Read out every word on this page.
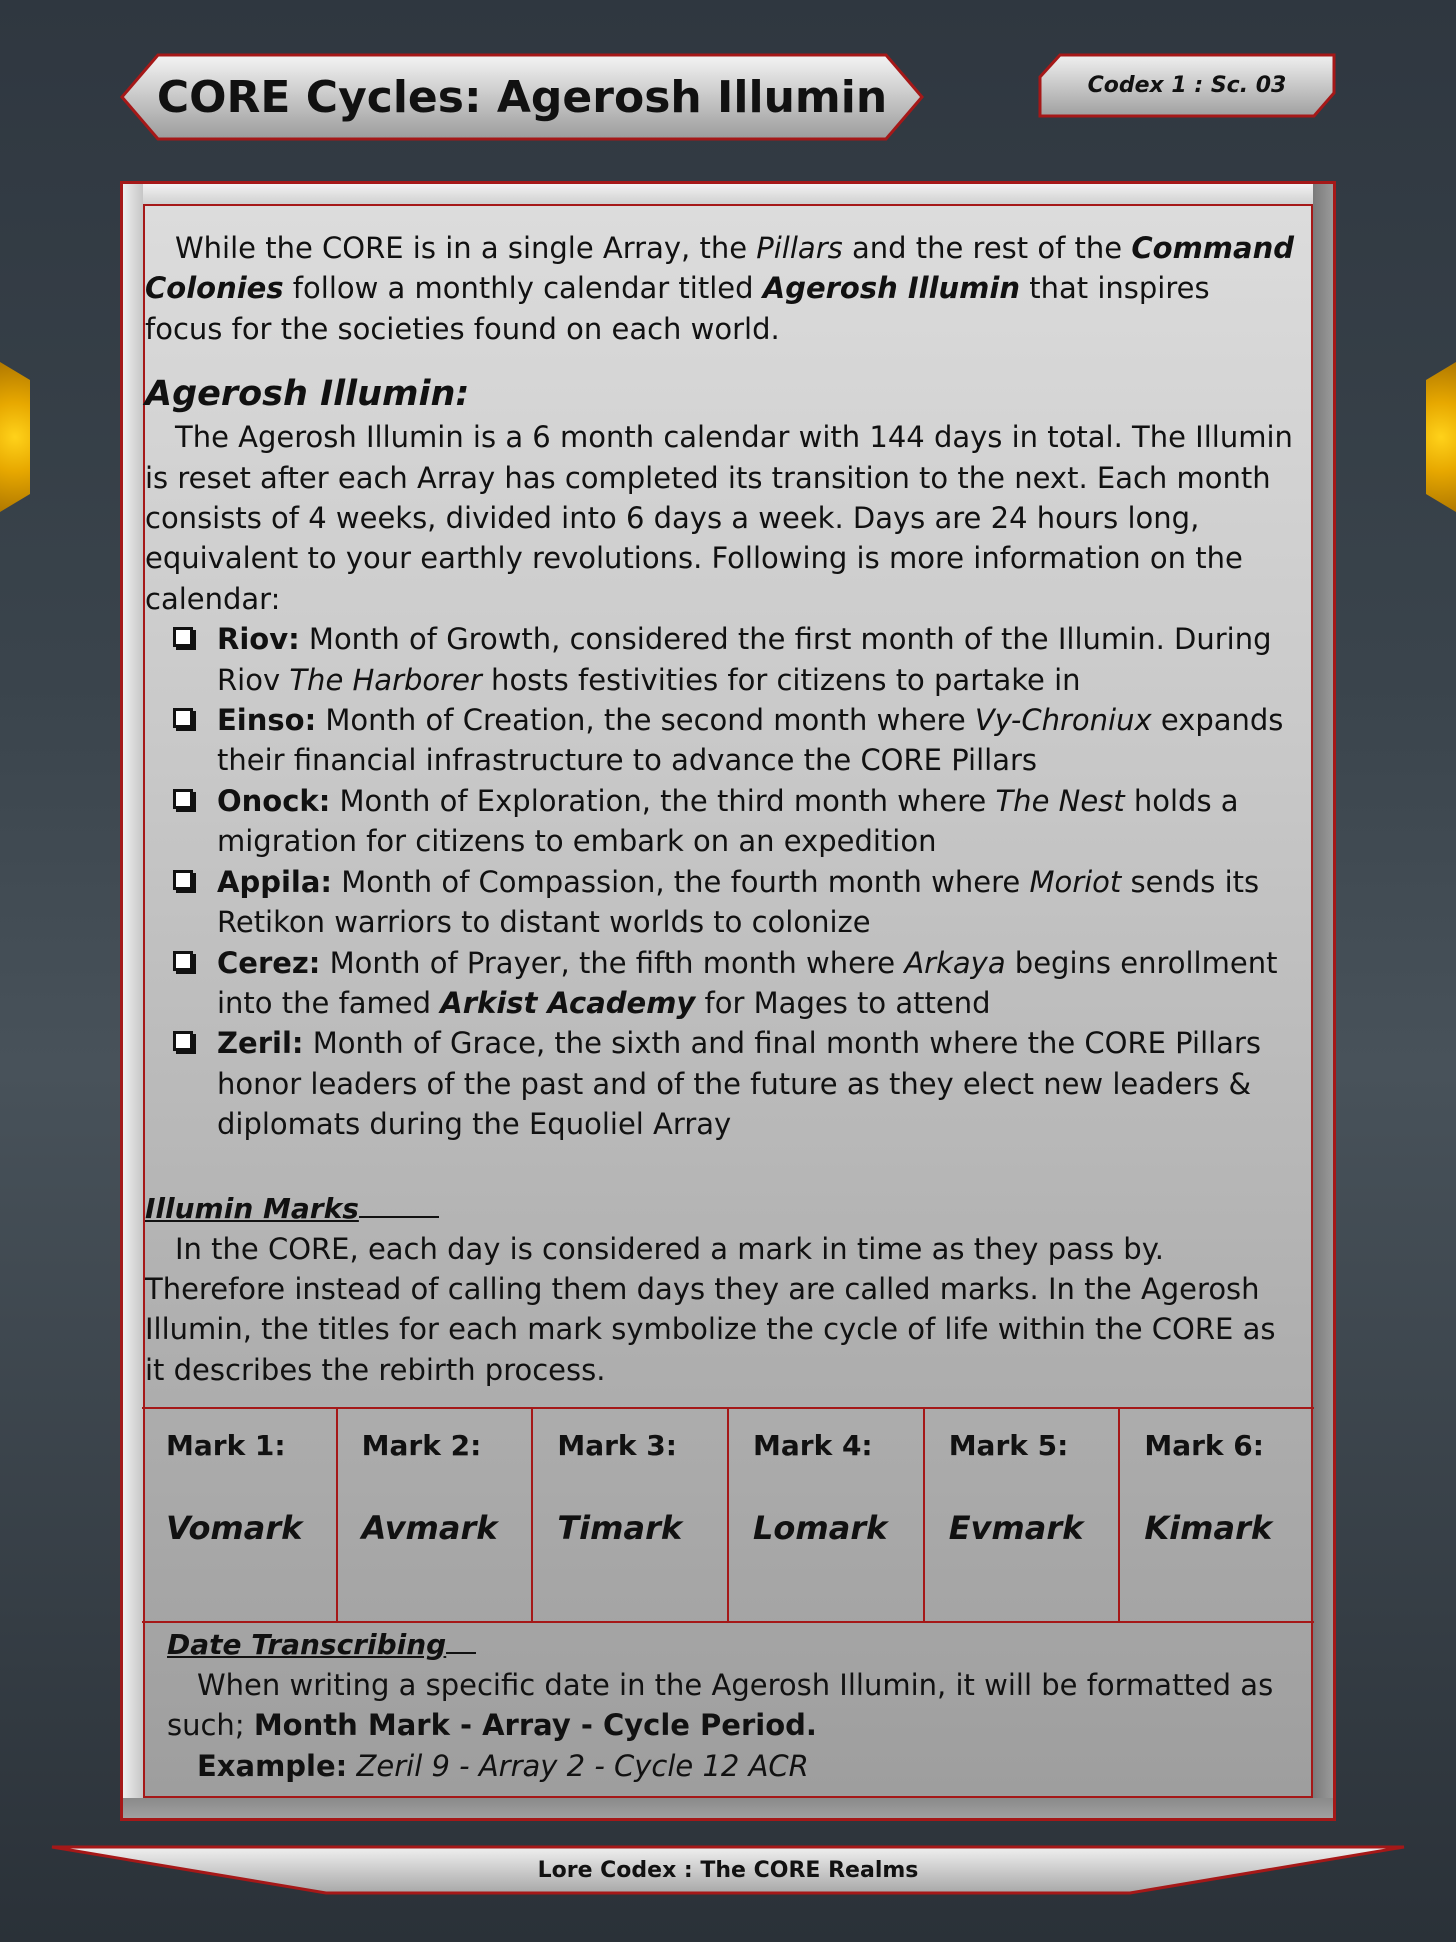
CORE Cycles: Agerosh Illumin	Codex 1 : Sc. 03

While the CORE is in a single Array, the Pillars and the rest of the Command Colonies follow a monthly calendar titled Agerosh Illumin that inspires focus for the societies found on each world.

Agerosh Illumin:

The Agerosh Illumin is a 6 month calendar with 144 days in total. The Illumin is reset after each Array has completed its transition to the next. Each month consists of 4 weeks, divided into 6 days a week. Days are 24 hours long, equivalent to your earthly revolutions. Following is more information on the calendar:

Riov: Month of Growth, considered the first month of the Illumin. During Riov The Harborer hosts festivities for citizens to partake in
Einso: Month of Creation, the second month where Vy-Chroniux expands their financial infrastructure to advance the CORE Pillars
Onock: Month of Exploration, the third month where The Nest holds a migration for citizens to embark on an expedition
Appila: Month of Compassion, the fourth month where Moriot sends its Retikon warriors to distant worlds to colonize
Cerez: Month of Prayer, the fifth month where Arkaya begins enrollment into the famed Arkist Academy for Mages to attend
Zeril: Month of Grace, the sixth and final month where the CORE Pillars honor leaders of the past and of the future as they elect new leaders & diplomats during the Equoliel Array
Illumin Marks

In the CORE, each day is considered a mark in time as they pass by. Therefore instead of calling them days they are called marks. In the Agerosh Illumin, the titles for each mark symbolize the cycle of life within the CORE as it describes the rebirth process.

Mark 1:
Vomark
Mark 2:
Avmark
Mark 3:
Timark
Mark 4:
Lomark
Mark 5:
Evmark
Mark 6:
Kimark
Date Transcribing

When writing a specific date in the Agerosh Illumin, it will be formatted as such; Month Mark - Array - Cycle Period.

Example: Zeril 9 - Array 2 - Cycle 12 ACR

Lore Codex : The CORE Realms
